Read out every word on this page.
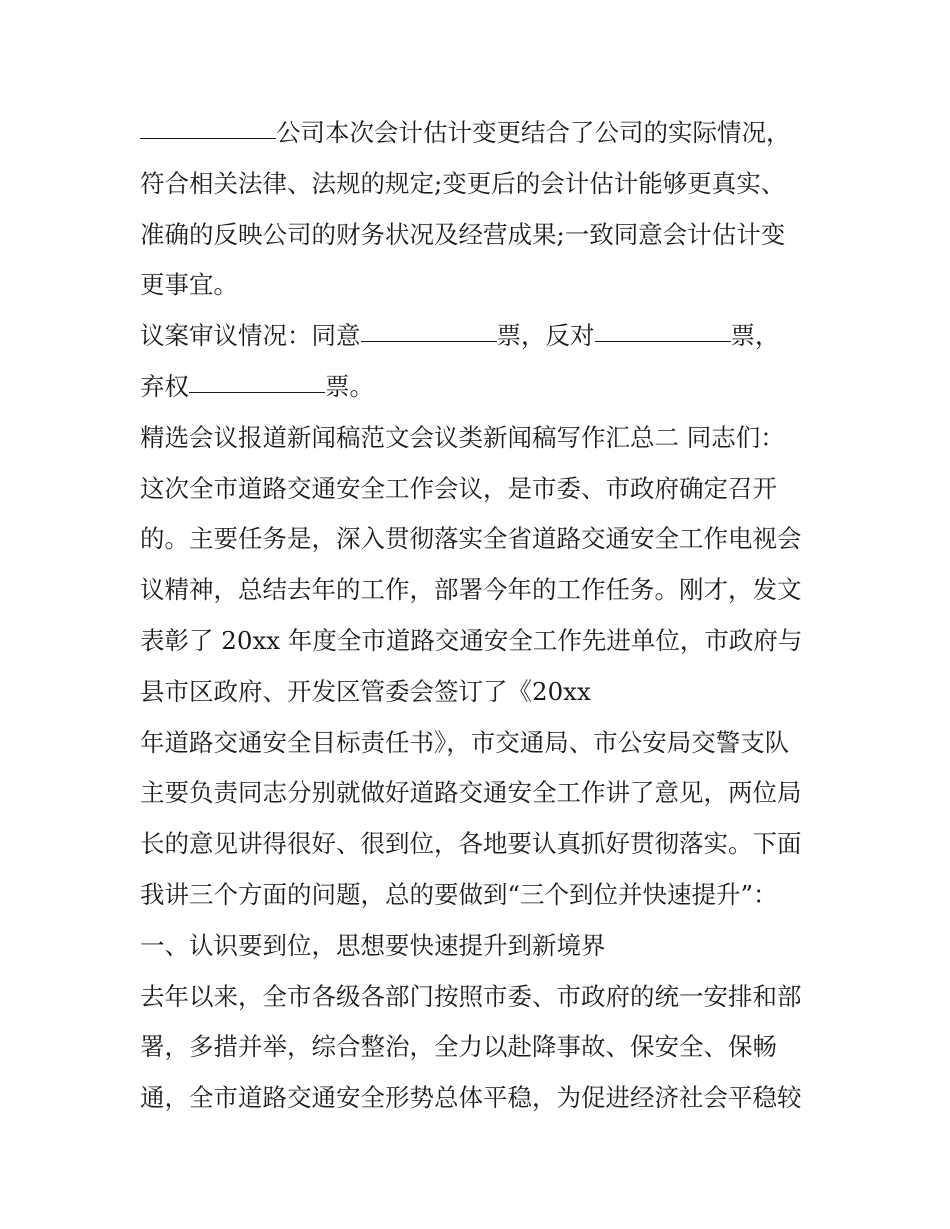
公司本次会计估计变更结合了公司的实际情况，
符合相关法律、法规的规定;变更后的会计估计能够更真实、
准确的反映公司的财务状况及经营成果;一致同意会计估计变
更事宜。
议案审议情况：同意	票，反对	票，
弃权	票。
精选会议报道新闻稿范文会议类新闻稿写作汇总二 同志们：
这次全市道路交通安全工作会议，是市委、市政府确定召开
的。主要任务是，深入贯彻落实全省道路交通安全工作电视会
议精神，总结去年的工作，部署今年的工作任务。刚才，发文
表彰了 20xx 年度全市道路交通安全工作先进单位，市政府与
县市区政府、开发区管委会签订了《20xx
年道路交通安全目标责任书》，市交通局、市公安局交警支队
主要负责同志分别就做好道路交通安全工作讲了意见，两位局
长的意见讲得很好、很到位，各地要认真抓好贯彻落实。下面
我讲三个方面的问题，总的要做到“三个到位并快速提升”：
一、认识要到位，思想要快速提升到新境界
去年以来，全市各级各部门按照市委、市政府的统一安排和部
署，多措并举，综合整治，全力以赴降事故、保安全、保畅
通，全市道路交通安全形势总体平稳，为促进经济社会平稳较
